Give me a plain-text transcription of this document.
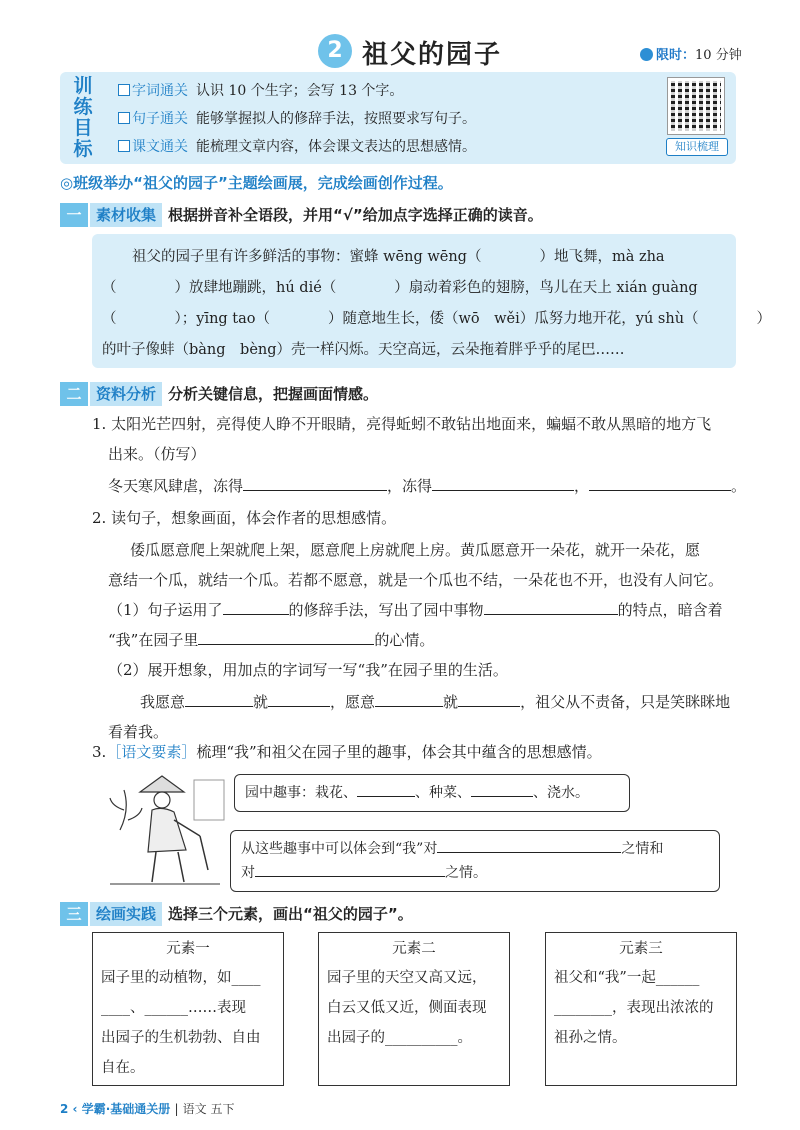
2 祖父的园子	限时：10 分钟
训
练
目
标
字词通关 认识 10 个生字；会写 13 个字。
句子通关 能够掌握拟人的修辞手法，按照要求写句子。
课文通关 能梳理文章内容，体会课文表达的思想感情。	知识梳理
◎班级举办“祖父的园子”主题绘画展，完成绘画创作过程。
一 素材收集 根据拼音补全语段，并用“√”给加点字选择正确的读音。

祖父的园子里有许多鲜活的事物：蜜蜂 wēng wēng（　　　　）地飞舞，mà zha

（　　　　）放肆地蹦跳，hú dié（　　　　）扇动着彩色的翅膀，鸟儿在天上 xián guàng

（　　　　）；yīng tao（　　　　）随意地生长，倭（wō　wěi）瓜努力地开花，yú shù（　　　　）

的叶子像蚌（bàng　bèng）壳一样闪烁。天空高远，云朵拖着胖乎乎的尾巴……

二 资料分析 分析关键信息，把握画面情感。
1. 太阳光芒四射，亮得使人睁不开眼睛，亮得蚯蚓不敢钻出地面来，蝙蝠不敢从黑暗的地方飞
出来。（仿写）
冬天寒风肆虐，冻得	，冻得	，	。
2. 读句子，想象画面，体会作者的思想感情。
倭瓜愿意爬上架就爬上架，愿意爬上房就爬上房。黄瓜愿意开一朵花，就开一朵花，愿
意结一个瓜，就结一个瓜。若都不愿意，就是一个瓜也不结，一朵花也不开，也没有人问它。
（1）句子运用了	的修辞手法，写出了园中事物	的特点，暗含着
“我”在园子里	的心情。
（2）展开想象，用加点的字词写一写“我”在园子里的生活。
我愿意	就	，愿意	就	，祖父从不责备，只是笑眯眯地
看着我。
3.［语文要素］梳理“我”和祖父在园子里的趣事，体会其中蕴含的思想感情。
园中趣事：栽花、	、种菜、	、浇水。
从这些趣事中可以体会到“我”对	之情和
对	之情。
三 绘画实践 选择三个元素，画出“祖父的园子”。
元素一
园子里的动植物，如____
____、______……表现
出园子的生机勃勃、自由
自在。
元素二
园子里的天空又高又远，
白云又低又近，侧面表现
出园子的__________。
元素三
祖父和“我”一起______
________，表现出浓浓的
祖孙之情。
2 ‹ 学霸·基础通关册 | 语文 五下
